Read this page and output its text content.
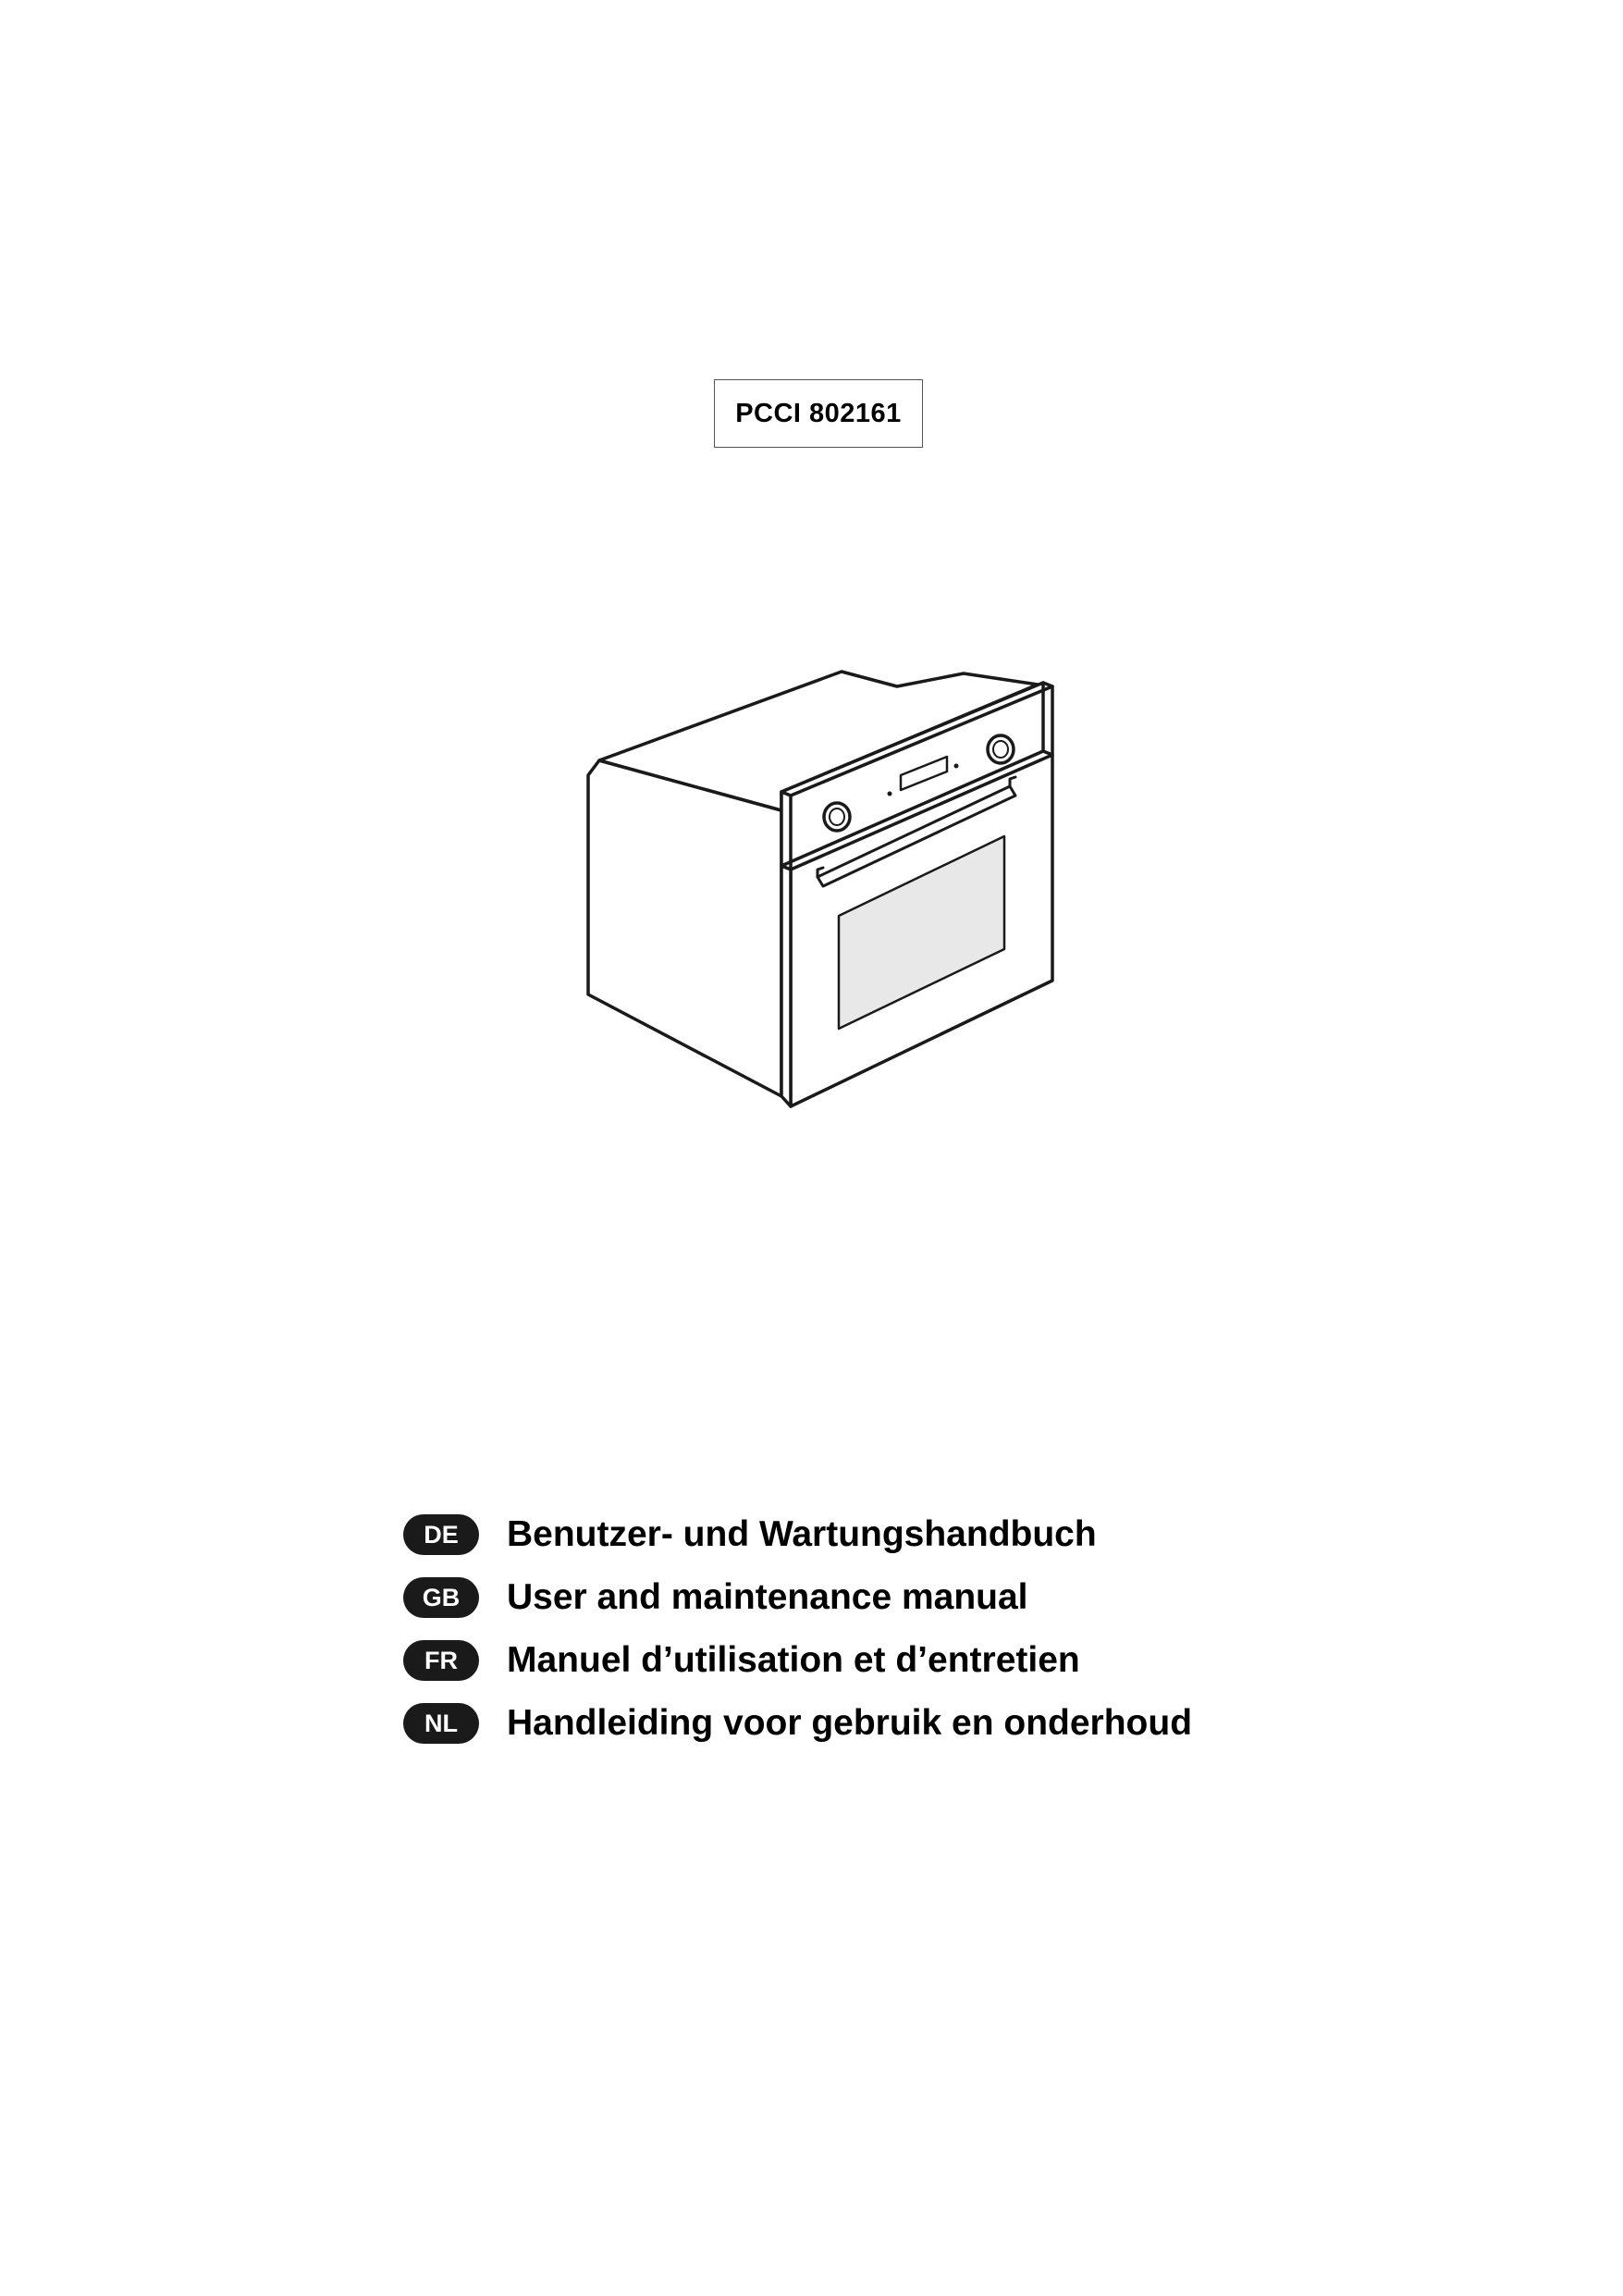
PCCI 802161
DE	Benutzer- und Wartungshandbuch
GB	User and maintenance manual
FR	Manuel d’utilisation et d’entretien
NL	Handleiding voor gebruik en onderhoud
